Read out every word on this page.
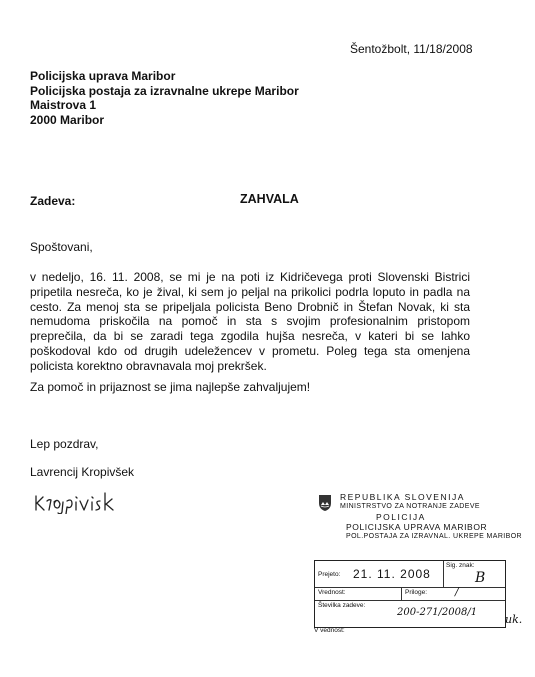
Šentožbolt, 11/18/2008
Policijska uprava Maribor
Policijska postaja za izravnalne ukrepe Maribor
Maistrova 1
2000 Maribor
Zadeva:	ZAHVALA
Spoštovani,
v nedeljo, 16. 11. 2008, se mi je na poti iz Kidričevega proti Slovenski Bistrici pripetila nesreča, ko je žival, ki sem jo peljal na prikolici podrla loputo in padla na cesto. Za menoj sta se pripeljala policista Beno Drobnič in Štefan Novak, ki sta nemudoma priskočila na pomoč in sta s svojim profesionalnim pristopom preprečila, da bi se zaradi tega zgodila hujša nesreča, v kateri bi se lahko poškodoval kdo od drugih udeležencev v prometu. Poleg tega sta omenjena policista korektno obravnavala moj prekršek.
Za pomoč in prijaznost se jima najlepše zahvaljujem!
Lep pozdrav,
Lavrencij Kropivšek
REPUBLIKA SLOVENIJA
MINISTRSTVO ZA NOTRANJE ZADEVE
POLICIJA
POLICIJSKA UPRAVA MARIBOR
POL.POSTAJA ZA IZRAVNAL. UKREPE MARIBOR
Prejeto: 21. 11. 2008
Sig. znak:
B
Vrednost:	Priloge:	/
Številka zadeve:
200-271/2008/1
V vednost:
uk.
